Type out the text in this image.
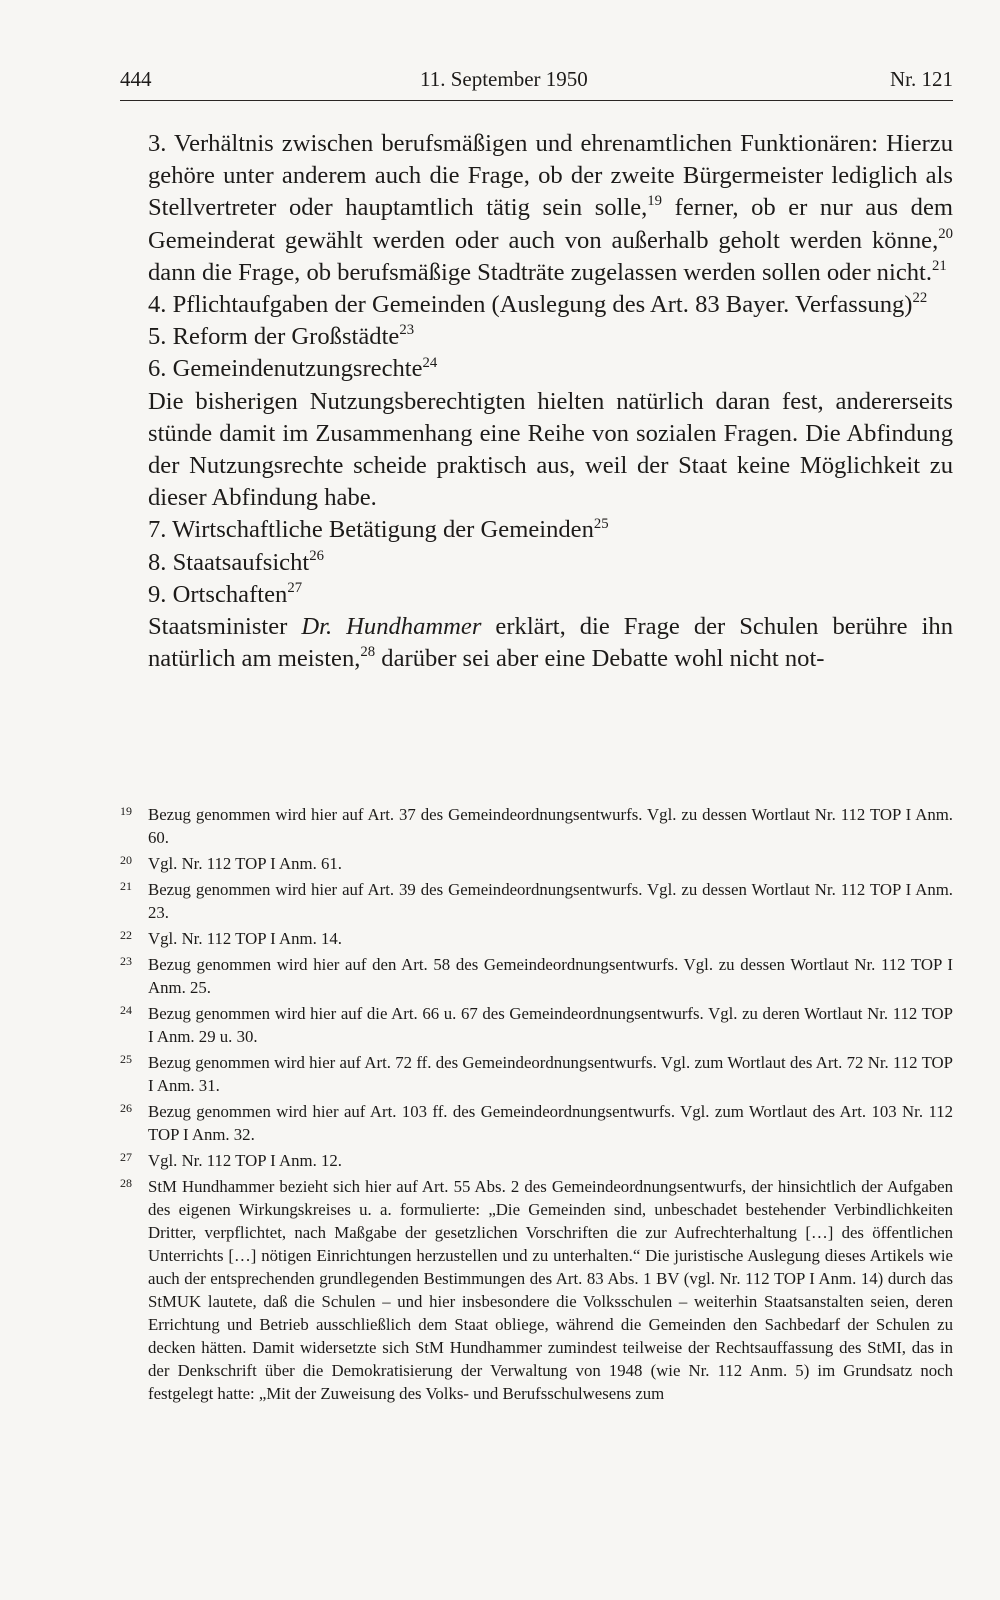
444	11. September 1950	Nr. 121

3. Verhältnis zwischen berufsmäßigen und ehrenamtlichen Funktionären: Hierzu gehöre unter anderem auch die Frage, ob der zweite Bürgermeister lediglich als Stellvertreter oder hauptamtlich tätig sein solle,$^{19}$ ferner, ob er nur aus dem Gemeinderat gewählt werden oder auch von außerhalb geholt werden könne,$^{20}$ dann die Frage, ob berufsmäßige Stadträte zugelassen werden sollen oder nicht.$^{21}$

4. Pflichtaufgaben der Gemeinden (Auslegung des Art. 83 Bayer. Verfassung)$^{22}$

5. Reform der Großstädte$^{23}$

6. Gemeindenutzungsrechte$^{24}$

Die bisherigen Nutzungsberechtigten hielten natürlich daran fest, andererseits stünde damit im Zusammenhang eine Reihe von sozialen Fragen. Die Abfindung der Nutzungsrechte scheide praktisch aus, weil der Staat keine Möglichkeit zu dieser Abfindung habe.

7. Wirtschaftliche Betätigung der Gemeinden$^{25}$

8. Staatsaufsicht$^{26}$

9. Ortschaften$^{27}$

Staatsminister Dr. Hundhammer erklärt, die Frage der Schulen berühre ihn natürlich am meisten,$^{28}$ darüber sei aber eine Debatte wohl nicht not-

19 Bezug genommen wird hier auf Art. 37 des Gemeindeordnungsentwurfs. Vgl. zu dessen Wortlaut Nr. 112 TOP I Anm. 60.
20 Vgl. Nr. 112 TOP I Anm. 61.
21 Bezug genommen wird hier auf Art. 39 des Gemeindeordnungsentwurfs. Vgl. zu dessen Wortlaut Nr. 112 TOP I Anm. 23.
22 Vgl. Nr. 112 TOP I Anm. 14.
23 Bezug genommen wird hier auf den Art. 58 des Gemeindeordnungsentwurfs. Vgl. zu dessen Wortlaut Nr. 112 TOP I Anm. 25.
24 Bezug genommen wird hier auf die Art. 66 u. 67 des Gemeindeordnungsentwurfs. Vgl. zu deren Wortlaut Nr. 112 TOP I Anm. 29 u. 30.
25 Bezug genommen wird hier auf Art. 72 ff. des Gemeindeordnungsentwurfs. Vgl. zum Wortlaut des Art. 72 Nr. 112 TOP I Anm. 31.
26 Bezug genommen wird hier auf Art. 103 ff. des Gemeindeordnungsentwurfs. Vgl. zum Wortlaut des Art. 103 Nr. 112 TOP I Anm. 32.
27 Vgl. Nr. 112 TOP I Anm. 12.
28 StM Hundhammer bezieht sich hier auf Art. 55 Abs. 2 des Gemeindeordnungsentwurfs, der hinsichtlich der Aufgaben des eigenen Wirkungskreises u. a. formulierte: „Die Gemeinden sind, unbeschadet bestehender Verbindlichkeiten Dritter, verpflichtet, nach Maßgabe der gesetzlichen Vorschriften die zur Aufrechterhaltung […] des öffentlichen Unterrichts […] nötigen Einrichtungen herzustellen und zu unterhalten.“ Die juristische Auslegung dieses Artikels wie auch der entsprechenden grundlegenden Bestimmungen des Art. 83 Abs. 1 BV (vgl. Nr. 112 TOP I Anm. 14) durch das StMUK lautete, daß die Schulen – und hier insbesondere die Volksschulen – weiterhin Staatsanstalten seien, deren Errichtung und Betrieb ausschließlich dem Staat obliege, während die Gemeinden den Sachbedarf der Schulen zu decken hätten. Damit widersetzte sich StM Hundhammer zumindest teilweise der Rechtsauffassung des StMI, das in der Denkschrift über die Demokratisierung der Verwaltung von 1948 (wie Nr. 112 Anm. 5) im Grundsatz noch festgelegt hatte: „Mit der Zuweisung des Volks- und Berufsschulwesens zum
